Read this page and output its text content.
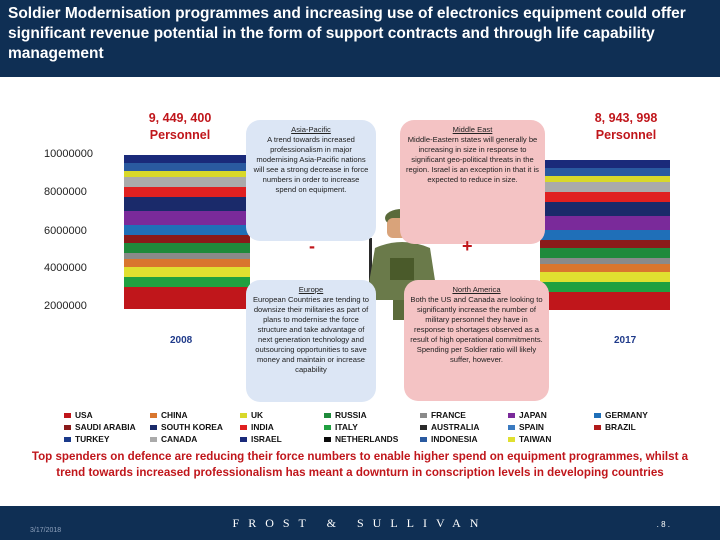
Soldier Modernisation programmes and increasing use of electronics equipment could offer significant revenue potential in the form of support contracts and through life capability management

9, 449, 400
Personnel
8, 943, 998
Personnel
10000000
8000000
6000000
4000000
2000000
2008	2017
Asia-Pacific
A trend towards increased professionalism in major modernising Asia-Pacific nations will see a strong decrease in force numbers in order to increase spend on equipment.
Middle East
Middle-Eastern states will generally be increasing in size in response to significant geo-political threats in the region. Israel is an exception in that it is expected to reduce in size.
Europe
European Countries are tending to downsize their militaries as part of plans to modernise the force structure and take advantage of next generation technology and outsourcing opportunities to save money and maintain or increase capability
North America
Both the US and Canada are looking to significantly increase the number of military personnel they have in response to shortages observed as a result of high operational commitments. Spending per Soldier ratio will likely suffer, however.
-	+
USA	CHINA	UK	RUSSIA	FRANCE	JAPAN	GERMANY
SAUDI ARABIA	SOUTH KOREA	INDIA	ITALY	AUSTRALIA	SPAIN	BRAZIL
TURKEY	CANADA	ISRAEL	NETHERLANDS	INDONESIA	TAIWAN
Top spenders on defence are reducing their force numbers to enable higher spend on equipment programmes, whilst a trend towards increased professionalism has meant a downturn in conscription levels in developing countries
FROST & SULLIVAN
3/17/2018
. 8 .
